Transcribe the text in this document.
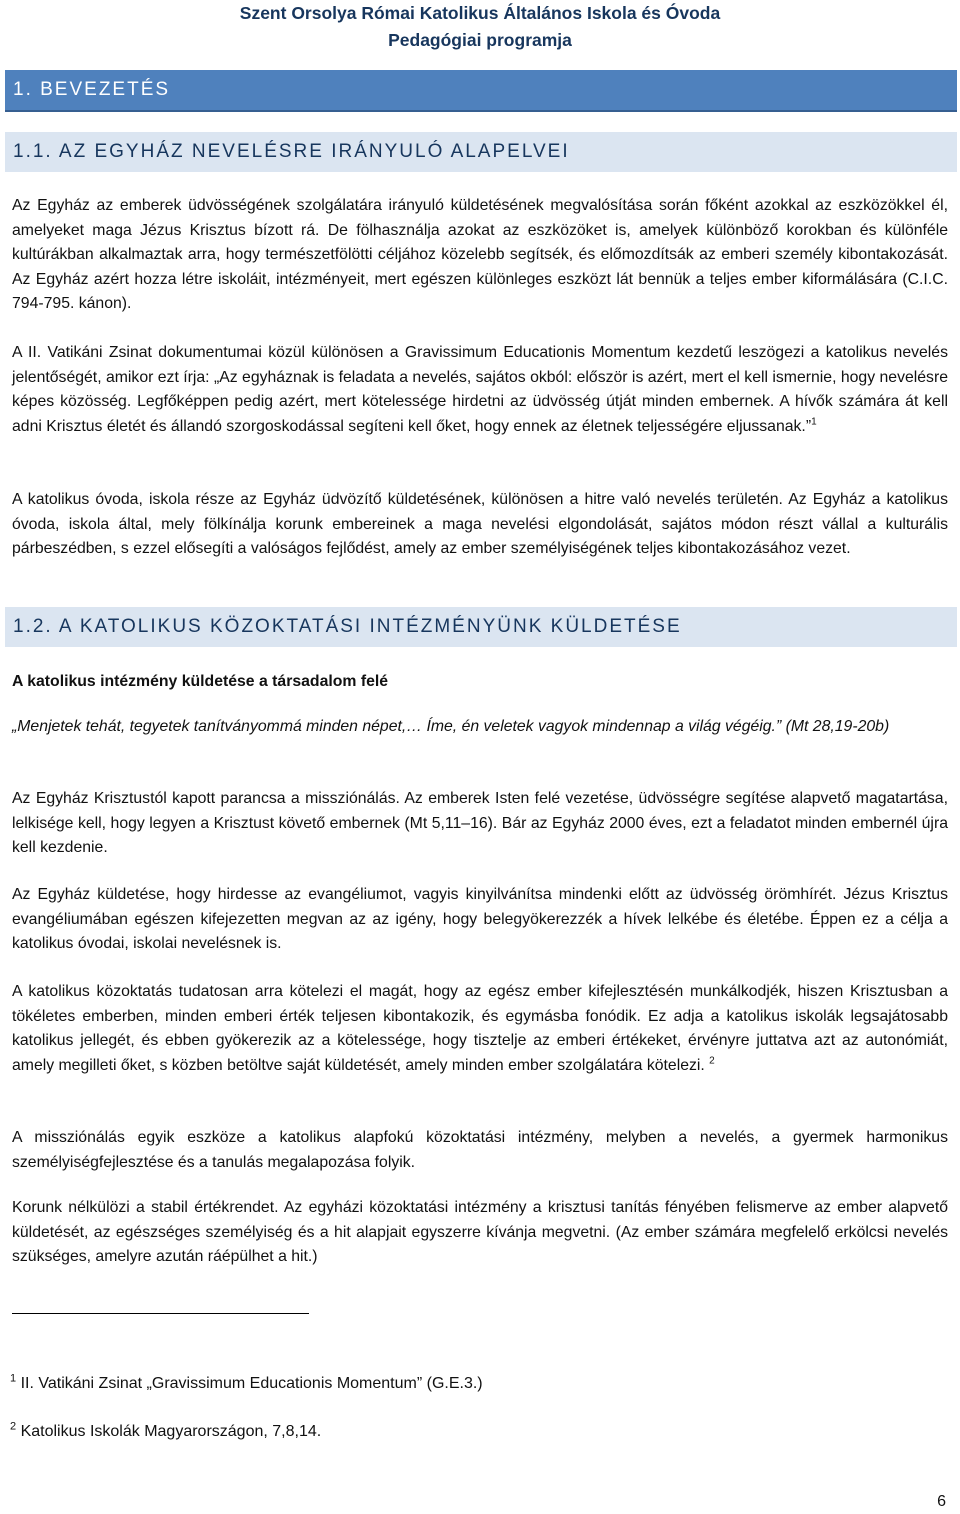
Szent Orsolya Római Katolikus Általános Iskola és Óvoda
Pedagógiai programja
1. BEVEZETÉS
1.1. AZ EGYHÁZ NEVELÉSRE IRÁNYULÓ ALAPELVEI

Az Egyház az emberek üdvösségének szolgálatára irányuló küldetésének megvalósítása során főként azokkal az eszközökkel él, amelyeket maga Jézus Krisztus bízott rá. De fölhasználja azokat az eszközöket is, amelyek különböző korokban és különféle kultúrákban alkalmaztak arra, hogy természetfölötti céljához közelebb segítsék, és előmozdítsák az emberi személy kibontakozását. Az Egyház azért hozza létre iskoláit, intézményeit, mert egészen különleges eszközt lát bennük a teljes ember kiformálására (C.I.C. 794-795. kánon).

A II. Vatikáni Zsinat dokumentumai közül különösen a Gravissimum Educationis Momentum kezdetű leszögezi a katolikus nevelés jelentőségét, amikor ezt írja: „Az egyháznak is feladata a nevelés, sajátos okból: először is azért, mert el kell ismernie, hogy nevelésre képes közösség. Legfőképpen pedig azért, mert kötelessége hirdetni az üdvösség útját minden embernek. A hívők számára át kell adni Krisztus életét és állandó szorgoskodással segíteni kell őket, hogy ennek az életnek teljességére eljussanak.”$^1$

A katolikus óvoda, iskola része az Egyház üdvözítő küldetésének, különösen a hitre való nevelés területén. Az Egyház a katolikus óvoda, iskola által, mely fölkínálja korunk embereinek a maga nevelési elgondolását, sajátos módon részt vállal a kulturális párbeszédben, s ezzel elősegíti a valóságos fejlődést, amely az ember személyiségének teljes kibontakozásához vezet.

1.2. A KATOLIKUS KÖZOKTATÁSI INTÉZMÉNYÜNK KÜLDETÉSE

A katolikus intézmény küldetése a társadalom felé

„Menjetek tehát, tegyetek tanítványommá minden népet,… Íme, én veletek vagyok mindennap a világ végéig.” (Mt 28,19-20b)

Az Egyház Krisztustól kapott parancsa a missziónálás. Az emberek Isten felé vezetése, üdvösségre segítése alapvető magatartása, lelkisége kell, hogy legyen a Krisztust követő embernek (Mt 5,11–16). Bár az Egyház 2000 éves, ezt a feladatot minden embernél újra kell kezdenie.

Az Egyház küldetése, hogy hirdesse az evangéliumot, vagyis kinyilvánítsa mindenki előtt az üdvösség örömhírét. Jézus Krisztus evangéliumában egészen kifejezetten megvan az az igény, hogy belegyökerezzék a hívek lelkébe és életébe. Éppen ez a célja a katolikus óvodai, iskolai nevelésnek is.

A katolikus közoktatás tudatosan arra kötelezi el magát, hogy az egész ember kifejlesztésén munkálkodjék, hiszen Krisztusban a tökéletes emberben, minden emberi érték teljesen kibontakozik, és egymásba fonódik. Ez adja a katolikus iskolák legsajátosabb katolikus jellegét, és ebben gyökerezik az a kötelessége, hogy tisztelje az emberi értékeket, érvényre juttatva azt az autonómiát, amely megilleti őket, s közben betöltve saját küldetését, amely minden ember szolgálatára kötelezi. $^2$

A missziónálás egyik eszköze a katolikus alapfokú közoktatási intézmény, melyben a nevelés, a gyermek harmonikus személyiségfejlesztése és a tanulás megalapozása folyik.

Korunk nélkülözi a stabil értékrendet. Az egyházi közoktatási intézmény a krisztusi tanítás fényében felismerve az ember alapvető küldetését, az egészséges személyiség és a hit alapjait egyszerre kívánja megvetni. (Az ember számára megfelelő erkölcsi nevelés szükséges, amelyre azután ráépülhet a hit.)

$^1$ II. Vatikáni Zsinat „Gravissimum Educationis Momentum” (G.E.3.)
$^2$ Katolikus Iskolák Magyarországon, 7,8,14.
6
